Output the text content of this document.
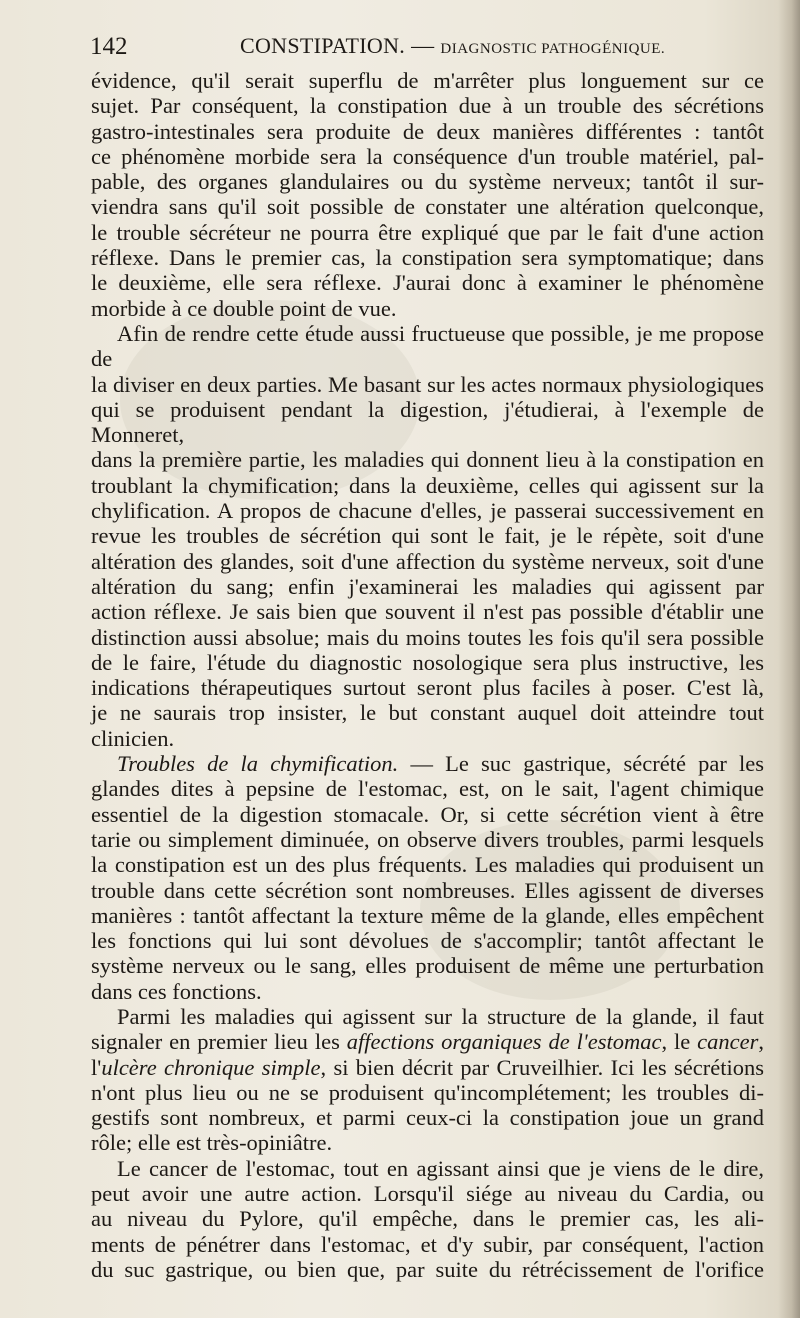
142	CONSTIPATION. — DIAGNOSTIC PATHOGÉNIQUE.

évidence, qu'il serait superflu de m'arrêter plus longuement sur ce

sujet. Par conséquent, la constipation due à un trouble des sécrétions

gastro-intestinales sera produite de deux manières différentes : tantôt

ce phénomène morbide sera la conséquence d'un trouble matériel, pal-

pable, des organes glandulaires ou du système nerveux; tantôt il sur-

viendra sans qu'il soit possible de constater une altération quelconque,

le trouble sécréteur ne pourra être expliqué que par le fait d'une action

réflexe. Dans le premier cas, la constipation sera symptomatique; dans

le deuxième, elle sera réflexe. J'aurai donc à examiner le phénomène

morbide à ce double point de vue.

Afin de rendre cette étude aussi fructueuse que possible, je me propose de

la diviser en deux parties. Me basant sur les actes normaux physiologiques

qui se produisent pendant la digestion, j'étudierai, à l'exemple de Monneret,

dans la première partie, les maladies qui donnent lieu à la constipation en

troublant la chymification; dans la deuxième, celles qui agissent sur la

chylification. A propos de chacune d'elles, je passerai successivement en

revue les troubles de sécrétion qui sont le fait, je le répète, soit d'une

altération des glandes, soit d'une affection du système nerveux, soit d'une

altération du sang; enfin j'examinerai les maladies qui agissent par

action réflexe. Je sais bien que souvent il n'est pas possible d'établir une

distinction aussi absolue; mais du moins toutes les fois qu'il sera possible

de le faire, l'étude du diagnostic nosologique sera plus instructive, les

indications thérapeutiques surtout seront plus faciles à poser. C'est là,

je ne saurais trop insister, le but constant auquel doit atteindre tout

clinicien.

Troubles de la chymification. — Le suc gastrique, sécrété par les

glandes dites à pepsine de l'estomac, est, on le sait, l'agent chimique

essentiel de la digestion stomacale. Or, si cette sécrétion vient à être

tarie ou simplement diminuée, on observe divers troubles, parmi lesquels

la constipation est un des plus fréquents. Les maladies qui produisent un

trouble dans cette sécrétion sont nombreuses. Elles agissent de diverses

manières : tantôt affectant la texture même de la glande, elles empêchent

les fonctions qui lui sont dévolues de s'accomplir; tantôt affectant le

système nerveux ou le sang, elles produisent de même une perturbation

dans ces fonctions.

Parmi les maladies qui agissent sur la structure de la glande, il faut

signaler en premier lieu les affections organiques de l'estomac, le cancer,

l'ulcère chronique simple, si bien décrit par Cruveilhier. Ici les sécrétions

n'ont plus lieu ou ne se produisent qu'incomplétement; les troubles di-

gestifs sont nombreux, et parmi ceux-ci la constipation joue un grand

rôle; elle est très-opiniâtre.

Le cancer de l'estomac, tout en agissant ainsi que je viens de le dire,

peut avoir une autre action. Lorsqu'il siége au niveau du Cardia, ou

au niveau du Pylore, qu'il empêche, dans le premier cas, les ali-

ments de pénétrer dans l'estomac, et d'y subir, par conséquent, l'action

du suc gastrique, ou bien que, par suite du rétrécissement de l'orifice
